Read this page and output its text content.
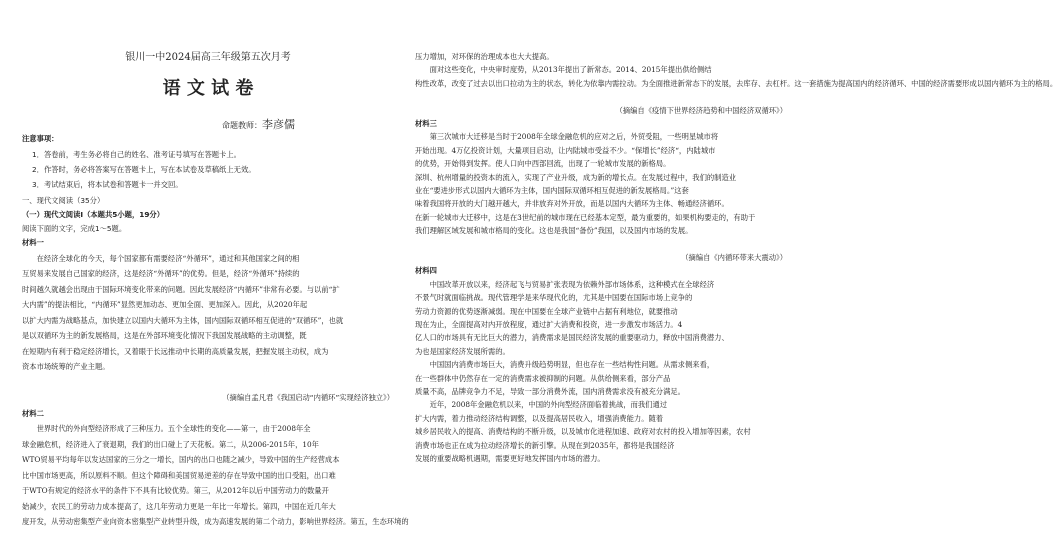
银川一中2024届高三年级第五次月考
语 文 试 卷
命题教师：李彦儒
注意事项：
1．答卷前，考生务必将自己的姓名、准考证号填写在答题卡上。
2．作答时，务必将答案写在答题卡上，写在本试卷及草稿纸上无效。
3．考试结束后，将本试卷和答题卡一并交回。
一、现代文阅读（35分）
（一）现代文阅读Ⅰ（本题共5小题，19分）
阅读下面的文字，完成1～5题。
材料一
　　在经济全球化的今天，每个国家都有需要经济“外循环”，通过和其他国家之间的相
互贸易来发展自己国家的经济，这是经济“外循环”的优势。但是，经济“外循环”持续的
时间越久就越会出现由于国际环境变化带来的问题。因此发展经济“内循环”非常有必要。与以前“扩
大内需”的提法相比，“内循环”显然更加动态、更加全面、更加深入。因此，从2020年起
以扩大内需为战略基点，加快建立以国内大循环为主体，国内国际双循环相互促进的“双循环”，也就
是以双循环为主的新发展格局，这是在外部环境变化情况下我国发展战略的主动调整，既
在短期内有利于稳定经济增长，又着眼于长远推动中长期的高质量发展，把握发展主动权，成为
资本市场统筹的产业主题。
（摘编自孟凡君《我国启动“内循环”实现经济独立》）
材料二
　　世界时代的外向型经济形成了三种压力。五个全球性的变化——第一，由于2008年全
球金融危机，经济进入了衰退期，我们的出口碰上了天花板。第二，从2006-2015年，10年
WTO贸易平均每年以发达国家的三分之一增长，国内的出口也随之减少，导致中国的生产经营成本
比中国市场更高，所以原料不顺。但这个障碍和美国贸易逆差的存在导致中国的出口受阻，出口难
于WTO有规定的经济水平的条件下不具有比较优势。第三，从2012年以后中国劳动力的数量开
始减少，农民工的劳动力成本提高了，这几年劳动力更是一年比一年增长。第四，中国在近几年大
度开发，从劳动密集型产业向资本密集型产业转型升级，成为高速发展的第二个动力，影响世界经济。第五，生态环境的
压力增加，对环保的治理成本也大大提高。
　　面对这些变化，中央审时度势，从2013年提出了新常态。2014、2015年提出供给侧结
构性改革，改变了过去以出口拉动为主的状态，转化为依靠内需拉动。为全面推进新常态下的发展，去库存、去杠杆。这一套措施为提高国内的经济循环、中国的经济需要形成以国内循环为主的格局。
（摘编自《疫情下世界经济趋势和中国经济双循环》）
材料三
　　第三次城市大迁移是当时于2008年全球金融危机的应对之后，外贸受阻，一些明星城市将
开始出现。4万亿投资计划，大量项目启动，让内陆城市受益不少。“保增长”经济“，内陆城市
的优势，开始得到发挥。使人口向中西部回流，出现了一轮城市发展的新格局。
深圳、杭州增量的投资本的流入，实现了产业升级，成为新的增长点。在发展过程中，我们的制造业
业在“要进步形式以国内大循环为主体，国内国际双循环相互促进的新发展格局。”这套
味着我国将开放的大门越开越大，并非放弃对外开放，而是以国内大循环为主体、畅通经济循环。
在新一轮城市大迁移中，这是在3世纪前的城市现在已经基本定型，最为重要的，如果机构要走的，有助于
我们理解区域发展和城市格局的变化。这也是我国“备份”我国，以及国内市场的发展。
（摘编自《内循环带来大震动》）
材料四
　　中国改革开放以来，经济起飞与贸易扩张表现为依赖外部市场体系，这种模式在全球经济
不景气时就面临挑战。现代管理学是来华现代化的，尤其是中国要在国际市场上竞争的
劳动力资源的优势逐渐减弱。现在中国要在全球产业链中占据有利地位，就要推动
现在为止，全面提高对内开放程度，通过扩大消费和投资，进一步激发市场活力。4
亿人口的市场具有无比巨大的潜力，消费需求是国民经济发展的重要驱动力，释放中国消费潜力、
为也是国家经济发展所需的。
　　中国国内消费市场巨大，消费升级趋势明显，但也存在一些结构性问题。从需求侧来看，
在一些群体中仍然存在一定的消费需求被抑制的问题。从供给侧来看，部分产品
质量不高，品牌竞争力不足，导致一部分消费外流，国内消费需求没有被充分满足。
　　近年，2008年金融危机以来，中国的外向型经济面临着挑战，而我们通过
扩大内需，着力推动经济结构调整，以及提高居民收入，增强消费能力。随着
城乡居民收入的提高、消费结构的不断升级，以及城市化进程加速、政府对农村的投入增加等因素，农村
消费市场也正在成为拉动经济增长的新引擎。从现在到2035年，都将是我国经济
发展的重要战略机遇期，需要更好地发挥国内市场的潜力。
